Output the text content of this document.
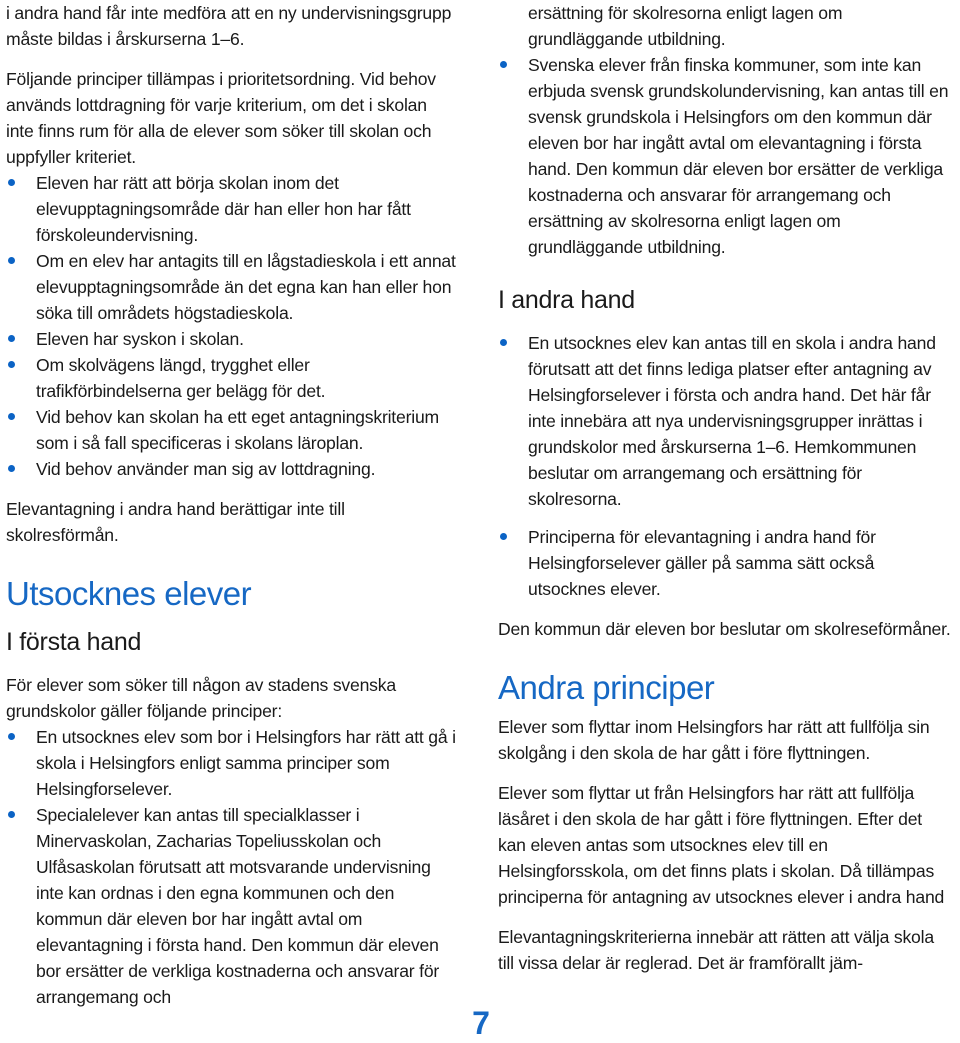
i andra hand får inte medföra att en ny undervisningsgrupp måste bildas i årskurserna 1–6.

Följande principer tillämpas i prioritetsordning. Vid behov används lottdragning för varje kriterium, om det i skolan inte finns rum för alla de elever som söker till skolan och uppfyller kriteriet.

Eleven har rätt att börja skolan inom det elevupptagningsområde där han eller hon har fått förskoleundervisning.
Om en elev har antagits till en lågstadieskola i ett annat elevupptagningsområde än det egna kan han eller hon söka till områdets högstadieskola.
Eleven har syskon i skolan.
Om skolvägens längd, trygghet eller trafikförbindelserna ger belägg för det.
Vid behov kan skolan ha ett eget antagningskriterium som i så fall specificeras i skolans läroplan.
Vid behov använder man sig av lottdragning.

Elevantagning i andra hand berättigar inte till skolresförmån.

Utsocknes elever
I första hand

För elever som söker till någon av stadens svenska grundskolor gäller följande principer:

En utsocknes elev som bor i Helsingfors har rätt att gå i skola i Helsingfors enligt samma principer som Helsingforselever.
Specialelever kan antas till specialklasser i Minervaskolan, Zacharias Topeliusskolan och Ulfåsaskolan förutsatt att motsvarande undervisning inte kan ordnas i den egna kommunen och den kommun där eleven bor har ingått avtal om elevantagning i första hand. Den kommun där eleven bor ersätter de verkliga kostnaderna och ansvarar för arrangemang och
7

ersättning för skolresorna enligt lagen om grundläggande utbildning.

Svenska elever från finska kommuner, som inte kan erbjuda svensk grundskolundervisning, kan antas till en svensk grundskola i Helsingfors om den kommun där eleven bor har ingått avtal om elevantagning i första hand. Den kommun där eleven bor ersätter de verkliga kostnaderna och ansvarar för arrangemang och ersättning av skolresorna enligt lagen om grundläggande utbildning.
I andra hand
En utsocknes elev kan antas till en skola i andra hand förutsatt att det finns lediga platser efter antagning av Helsingforselever i första och andra hand. Det här får inte innebära att nya undervisningsgrupper inrättas i grundskolor med årskurserna 1–6. Hemkommunen beslutar om arrangemang och ersättning för skolresorna.
Principerna för elevantagning i andra hand för Helsingforselever gäller på samma sätt också utsocknes elever.

Den kommun där eleven bor beslutar om skolreseförmåner.

Andra principer

Elever som flyttar inom Helsingfors har rätt att fullfölja sin skolgång i den skola de har gått i före flyttningen.

Elever som flyttar ut från Helsingfors har rätt att fullfölja läsåret i den skola de har gått i före flyttningen. Efter det kan eleven antas som utsocknes elev till en Helsingforsskola, om det finns plats i skolan. Då tillämpas principerna för antagning av utsocknes elever i andra hand

Elevantagningskriterierna innebär att rätten att välja skola till vissa delar är reglerad. Det är framförallt jäm-
